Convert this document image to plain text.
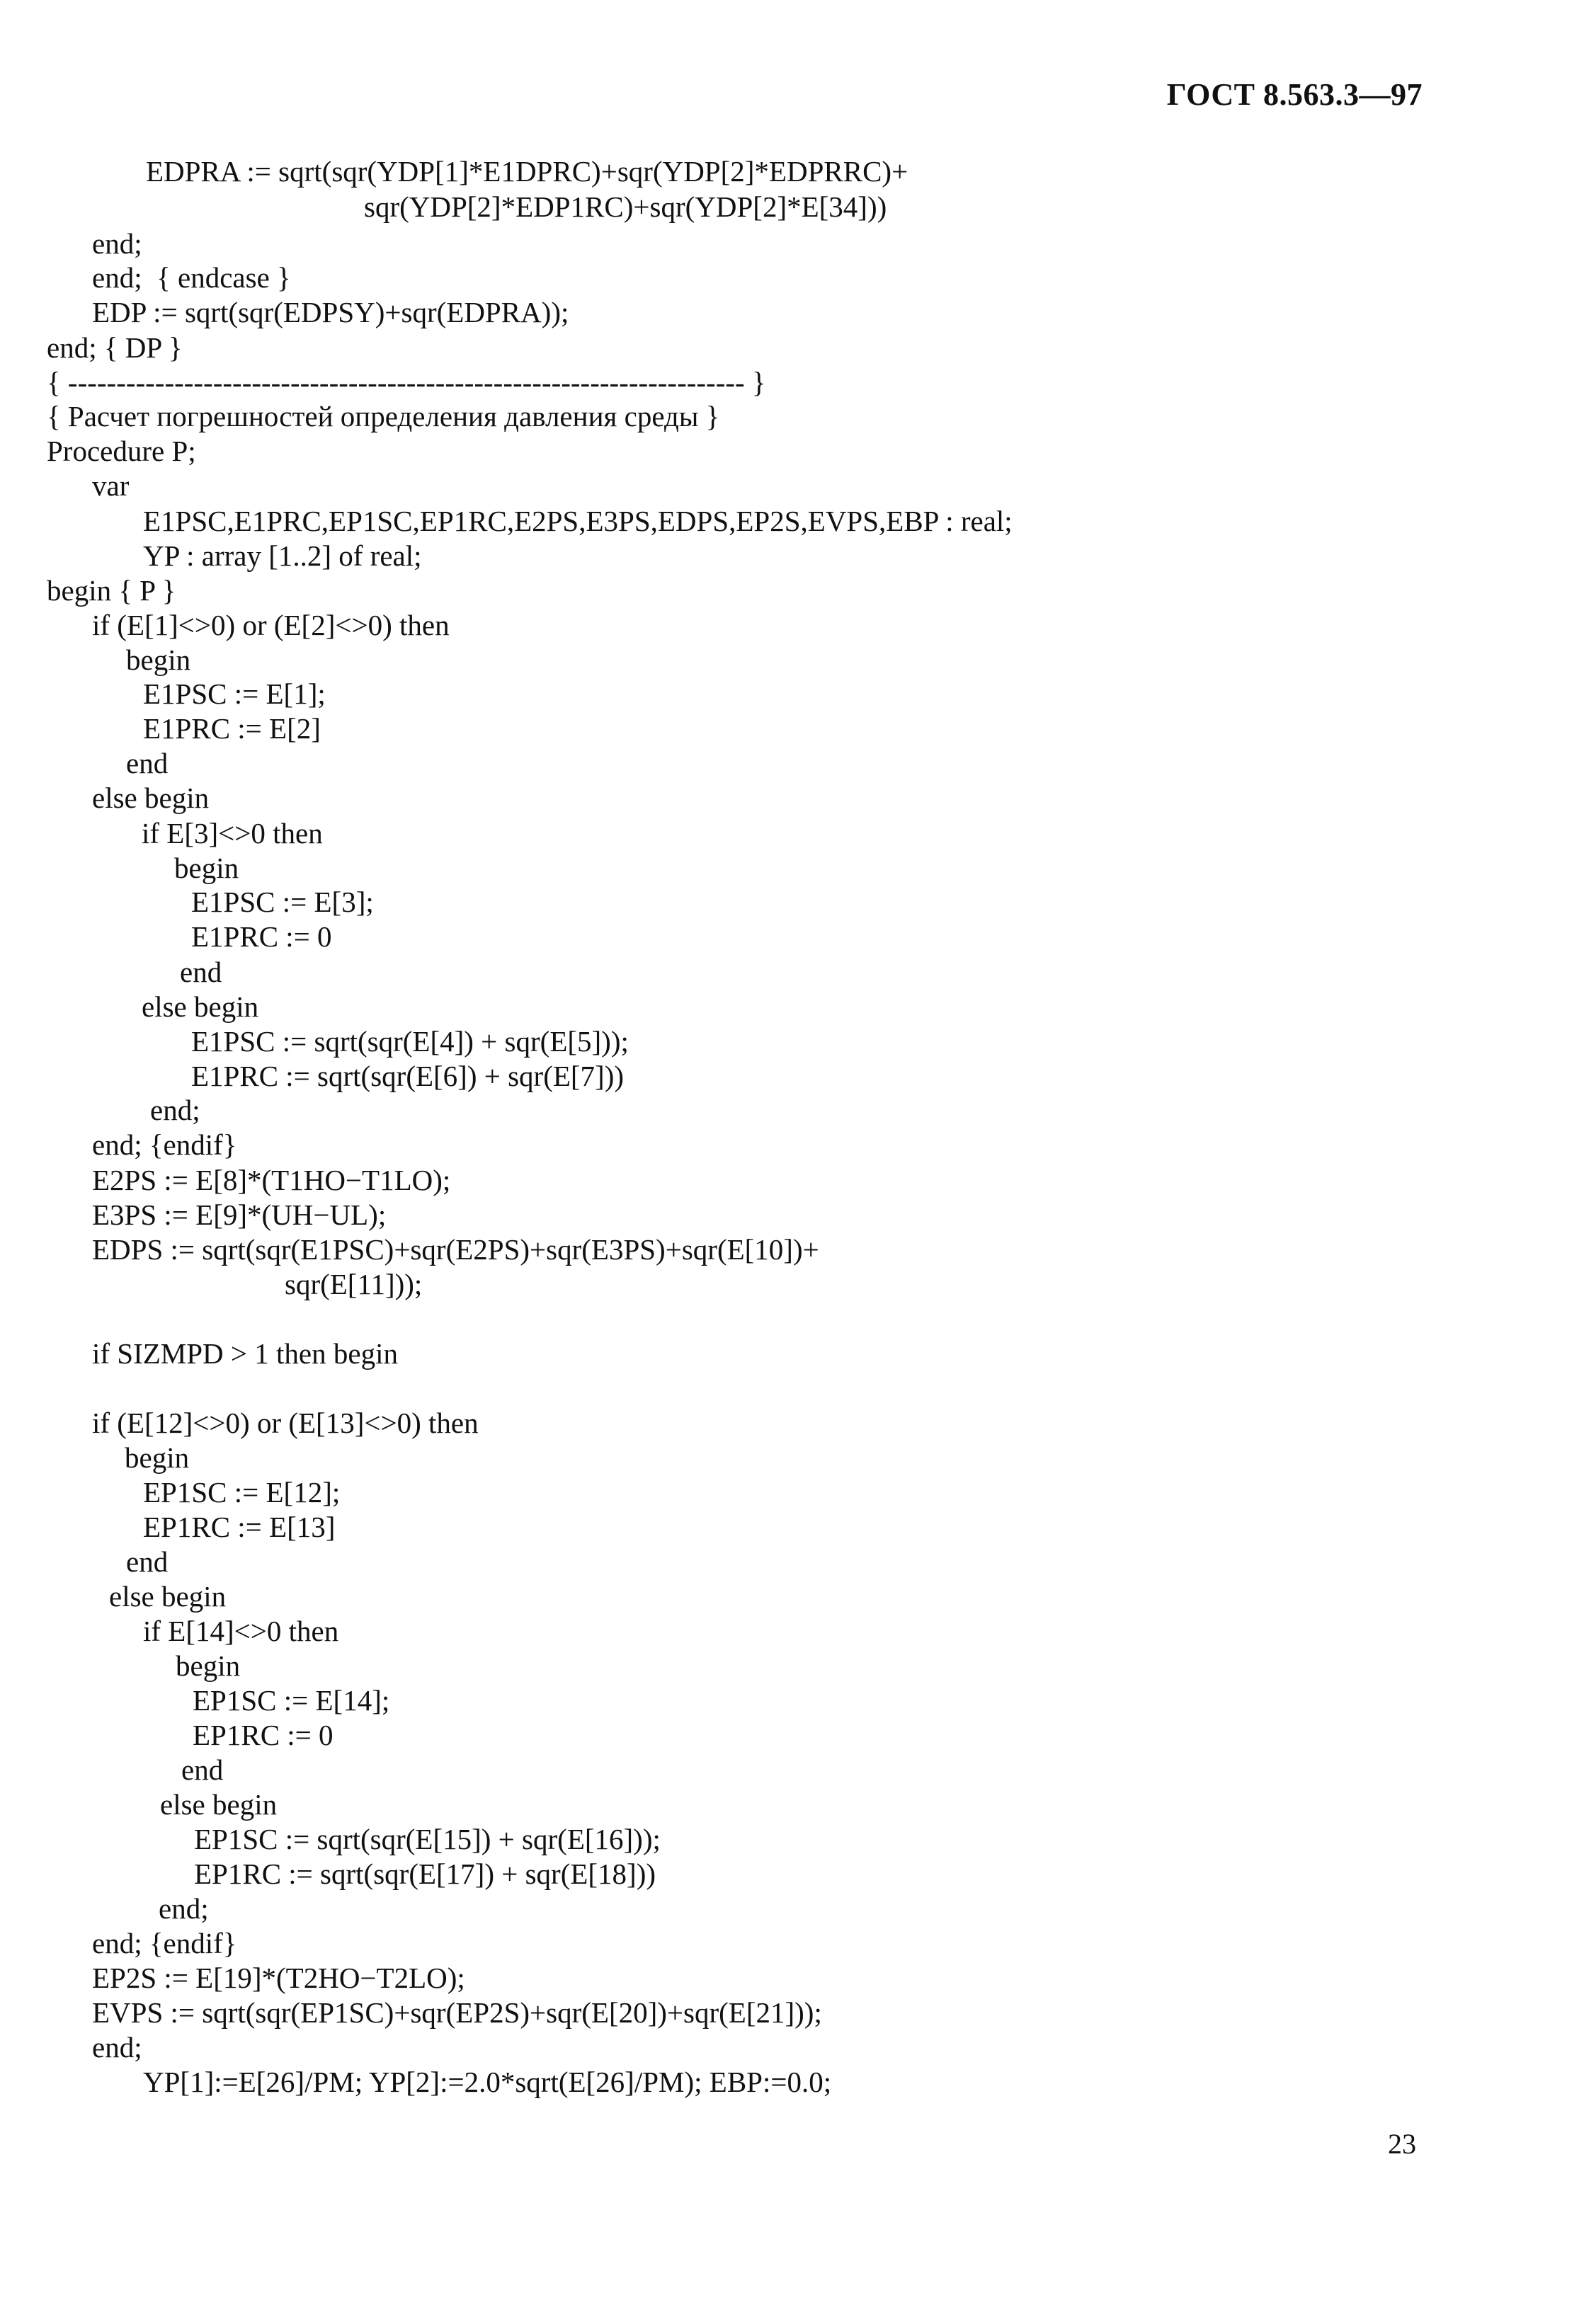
ГОСТ 8.563.3—97
EDPRA := sqrt(sqr(YDP[1]*E1DPRC)+sqr(YDP[2]*EDPRRC)+
sqr(YDP[2]*EDP1RC)+sqr(YDP[2]*E[34]))
end;
end;  { endcase }
EDP := sqrt(sqr(EDPSY)+sqr(EDPRA));
end; { DP }
{ ---------------------------------------------------------------------- }
{ Расчет погрешностей определения давления среды }
Procedure P;
var
E1PSC,E1PRC,EP1SC,EP1RC,E2PS,E3PS,EDPS,EP2S,EVPS,EBP : real;
YP : array [1..2] of real;
begin { P }
if (E[1]<>0) or (E[2]<>0) then
begin
E1PSC := E[1];
E1PRC := E[2]
end
else begin
if E[3]<>0 then
begin
E1PSC := E[3];
E1PRC := 0
end
else begin
E1PSC := sqrt(sqr(E[4]) + sqr(E[5]));
E1PRC := sqrt(sqr(E[6]) + sqr(E[7]))
end;
end; {endif}
E2PS := E[8]*(T1HO−T1LO);
E3PS := E[9]*(UH−UL);
EDPS := sqrt(sqr(E1PSC)+sqr(E2PS)+sqr(E3PS)+sqr(E[10])+
sqr(E[11]));
if SIZMPD > 1 then begin
if (E[12]<>0) or (E[13]<>0) then
begin
EP1SC := E[12];
EP1RC := E[13]
end
else begin
if E[14]<>0 then
begin
EP1SC := E[14];
EP1RC := 0
end
else begin
EP1SC := sqrt(sqr(E[15]) + sqr(E[16]));
EP1RC := sqrt(sqr(E[17]) + sqr(E[18]))
end;
end; {endif}
EP2S := E[19]*(T2HO−T2LO);
EVPS := sqrt(sqr(EP1SC)+sqr(EP2S)+sqr(E[20])+sqr(E[21]));
end;
YP[1]:=E[26]/PM; YP[2]:=2.0*sqrt(E[26]/PM); EBP:=0.0;
23
